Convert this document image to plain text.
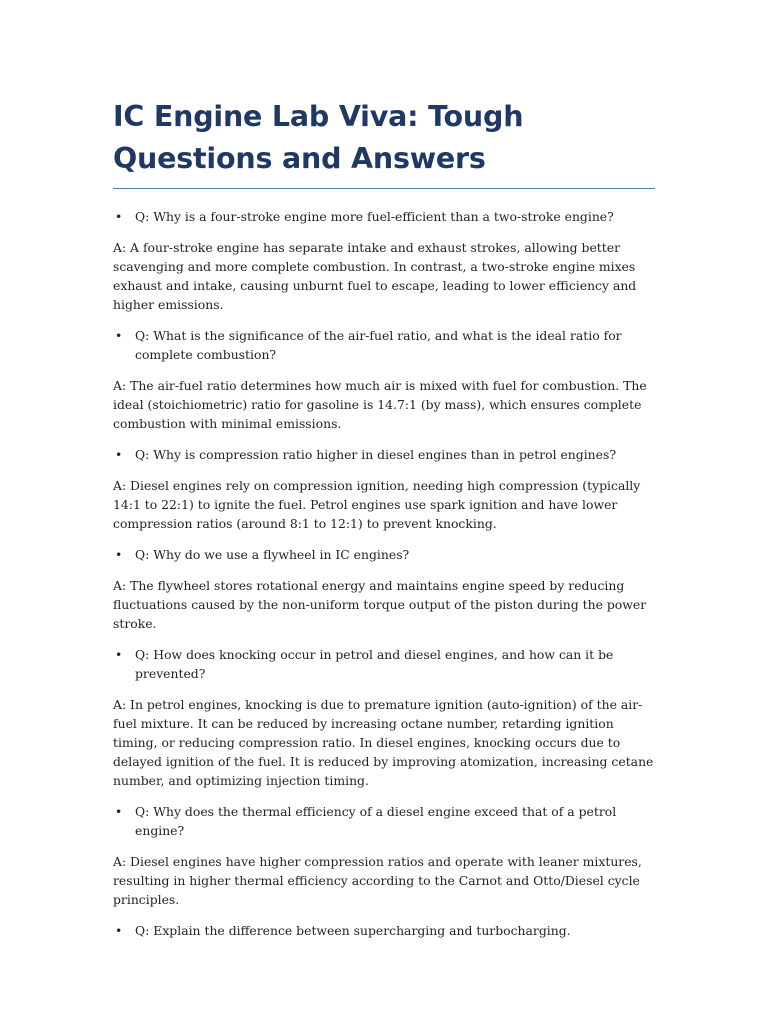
IC Engine Lab Viva: Tough Questions and Answers
• Q: Why is a four-stroke engine more fuel-efficient than a two-stroke engine?

A: A four-stroke engine has separate intake and exhaust strokes, allowing better scavenging and more complete combustion. In contrast, a two-stroke engine mixes exhaust and intake, causing unburnt fuel to escape, leading to lower efficiency and higher emissions.

• Q: What is the significance of the air-fuel ratio, and what is the ideal ratio for complete combustion?

A: The air-fuel ratio determines how much air is mixed with fuel for combustion. The ideal (stoichiometric) ratio for gasoline is 14.7:1 (by mass), which ensures complete combustion with minimal emissions.

• Q: Why is compression ratio higher in diesel engines than in petrol engines?

A: Diesel engines rely on compression ignition, needing high compression (typically 14:1 to 22:1) to ignite the fuel. Petrol engines use spark ignition and have lower compression ratios (around 8:1 to 12:1) to prevent knocking.

• Q: Why do we use a flywheel in IC engines?

A: The flywheel stores rotational energy and maintains engine speed by reducing fluctuations caused by the non-uniform torque output of the piston during the power stroke.

• Q: How does knocking occur in petrol and diesel engines, and how can it be prevented?

A: In petrol engines, knocking is due to premature ignition (auto-ignition) of the air-fuel mixture. It can be reduced by increasing octane number, retarding ignition timing, or reducing compression ratio. In diesel engines, knocking occurs due to delayed ignition of the fuel. It is reduced by improving atomization, increasing cetane number, and optimizing injection timing.

• Q: Why does the thermal efficiency of a diesel engine exceed that of a petrol engine?

A: Diesel engines have higher compression ratios and operate with leaner mixtures, resulting in higher thermal efficiency according to the Carnot and Otto/Diesel cycle principles.

• Q: Explain the difference between supercharging and turbocharging.
